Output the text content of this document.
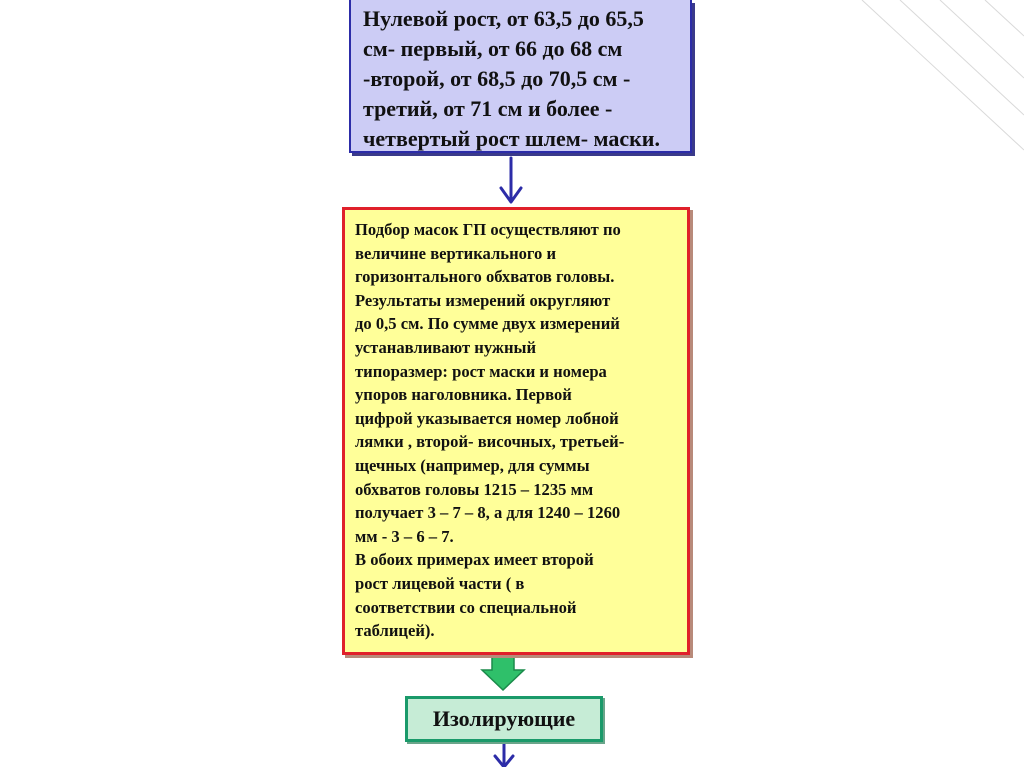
Нулевой рост, от 63,5 до 65,5
см- первый, от 66 до 68 см
-второй, от 68,5 до 70,5 см -
третий, от 71 см и более -
четвертый рост шлем- маски.
Подбор масок ГП осуществляют по
величине вертикального и
горизонтального обхватов головы.
Результаты измерений округляют
до 0,5 см. По сумме двух измерений
устанавливают нужный
типоразмер: рост маски и номера
упоров наголовника. Первой
цифрой указывается номер лобной
лямки , второй- височных, третьей-
щечных (например, для суммы
обхватов головы 1215 – 1235 мм
получает 3 – 7 – 8, а для 1240 – 1260
мм - 3 – 6 – 7.
В обоих примерах имеет второй
рост лицевой части ( в
соответствии со специальной
таблицей).
Изолирующие
